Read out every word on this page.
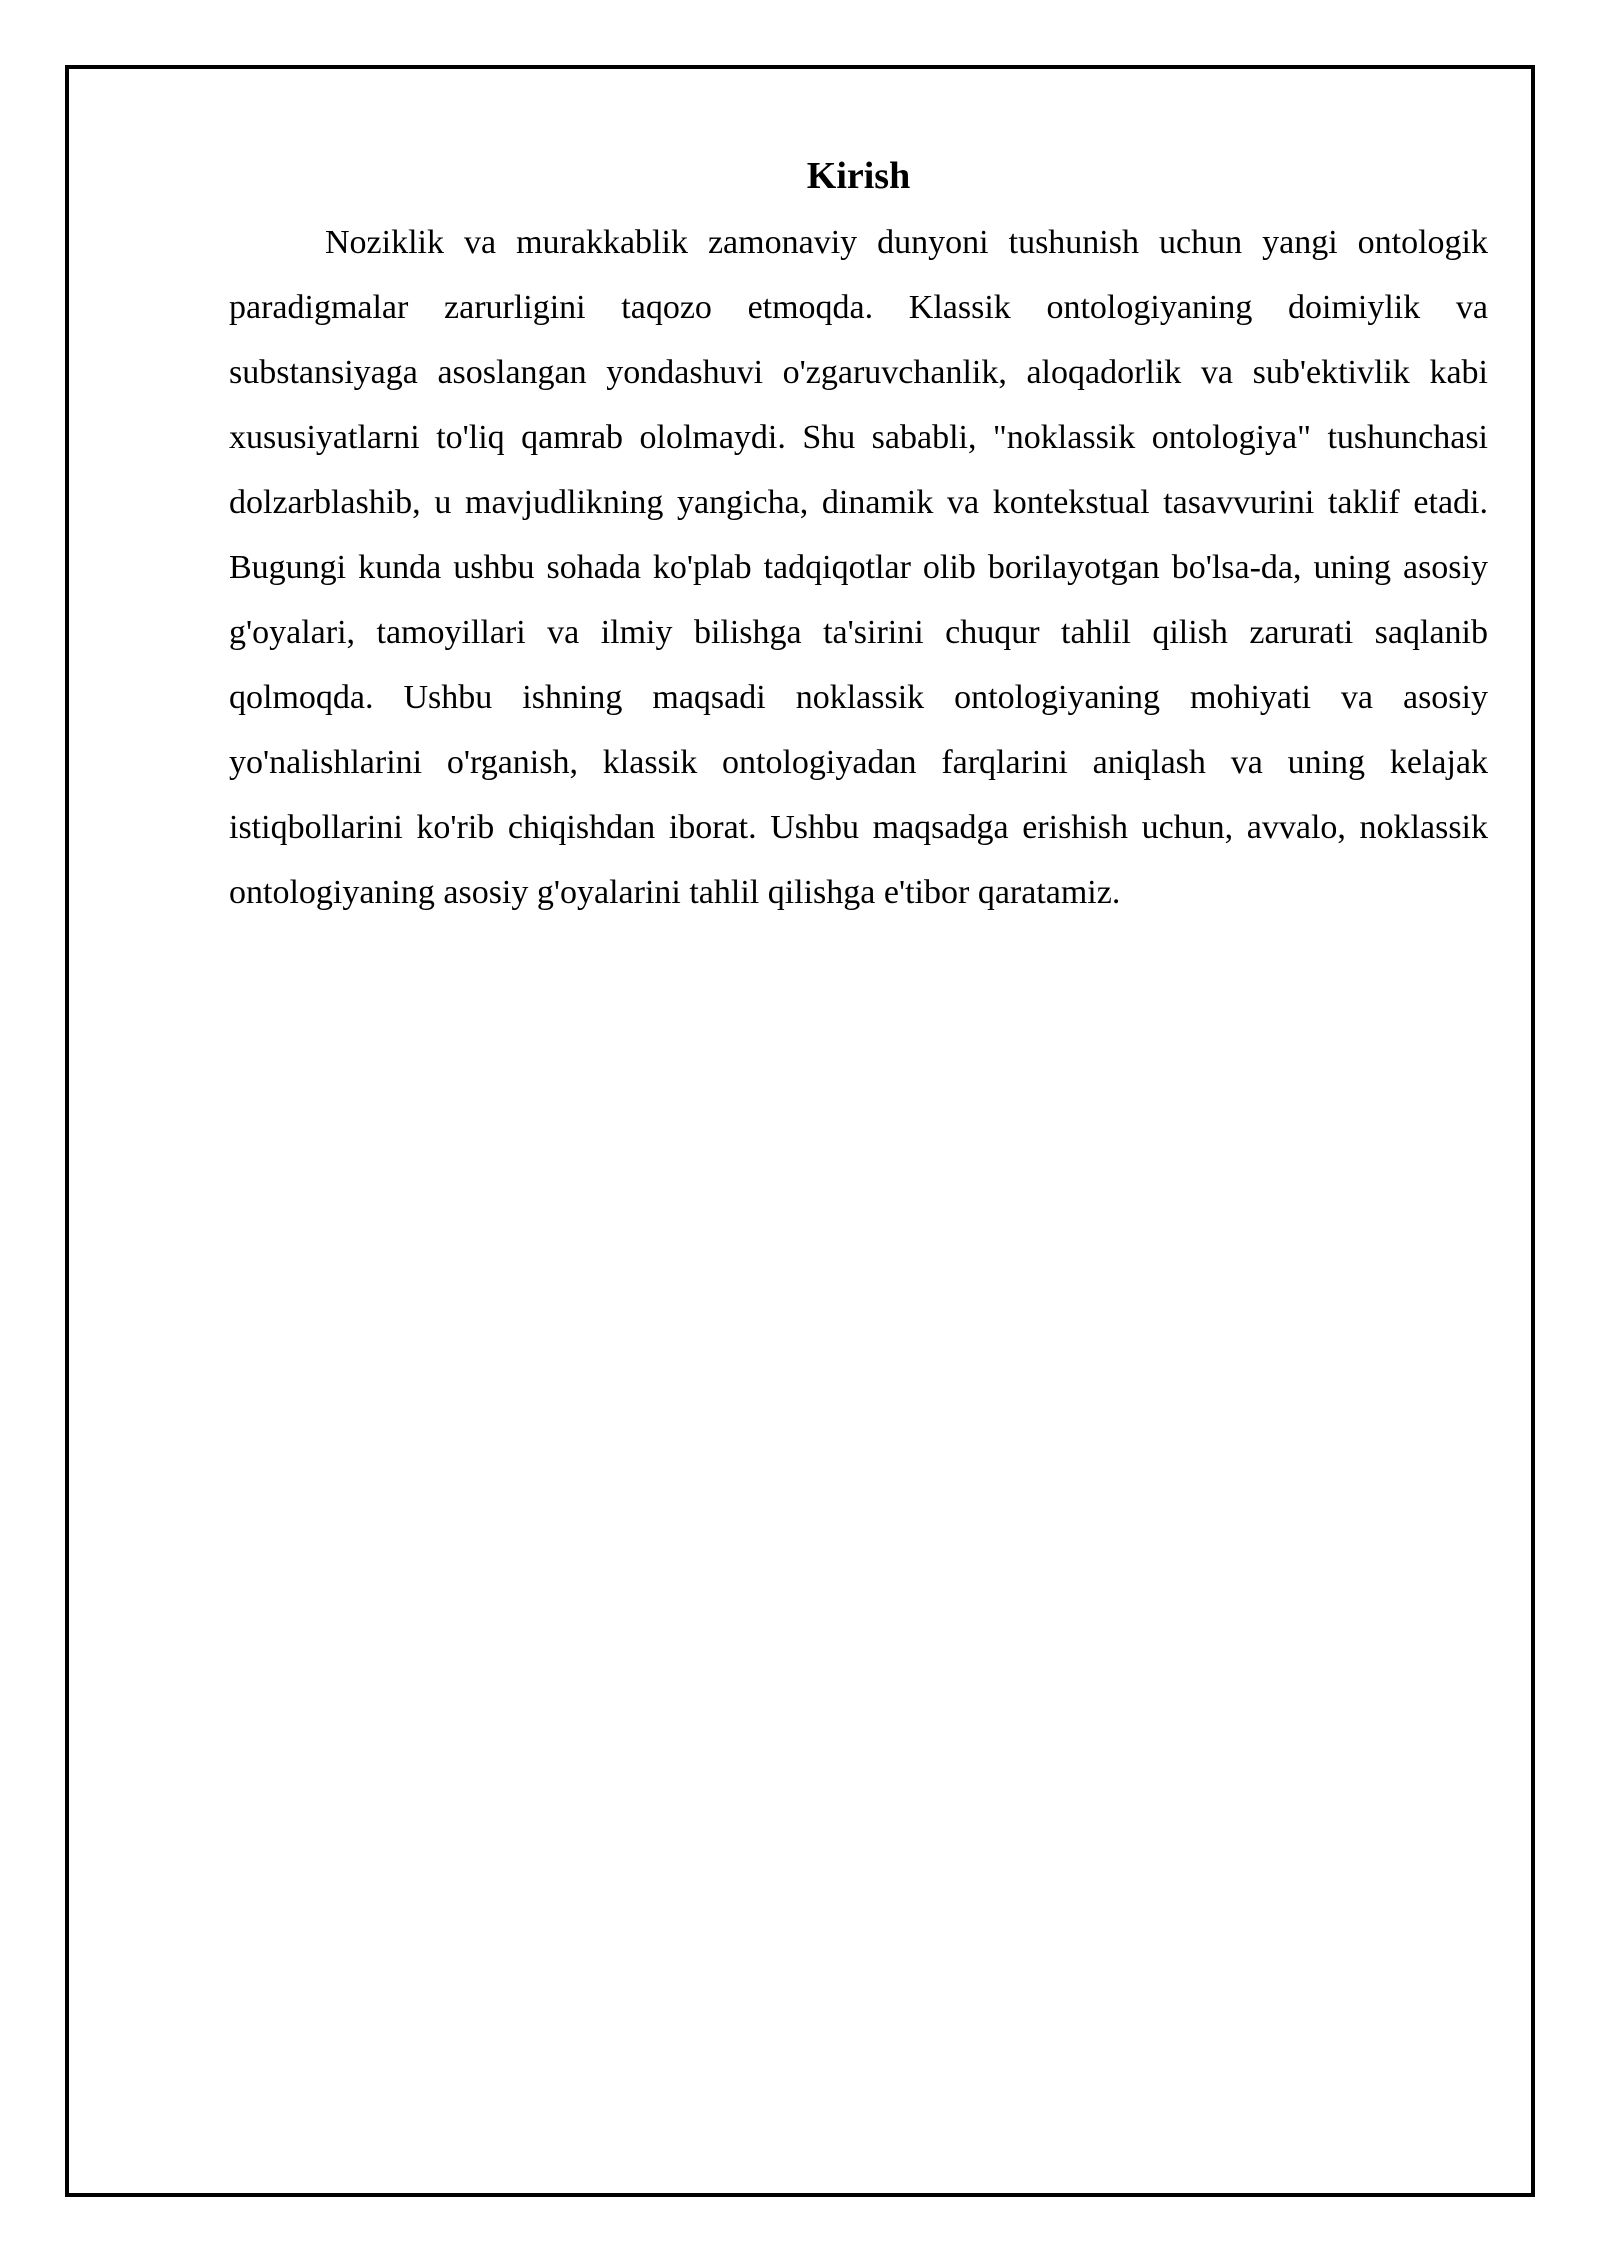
Kirish

Noziklik va murakkablik zamonaviy dunyoni tushunish uchun yangi ontologik paradigmalar zarurligini taqozo etmoqda. Klassik ontologiyaning doimiylik va substansiyaga asoslangan yondashuvi o'zgaruvchanlik, aloqadorlik va sub'ektivlik kabi xususiyatlarni to'liq qamrab ololmaydi. Shu sababli, "noklassik ontologiya" tushunchasi dolzarblashib, u mavjudlikning yangicha, dinamik va kontekstual tasavvurini taklif etadi. Bugungi kunda ushbu sohada ko'plab tadqiqotlar olib borilayotgan bo'lsa-da, uning asosiy g'oyalari, tamoyillari va ilmiy bilishga ta'sirini chuqur tahlil qilish zarurati saqlanib qolmoqda. Ushbu ishning maqsadi noklassik ontologiyaning mohiyati va asosiy yo'nalishlarini o'rganish, klassik ontologiyadan farqlarini aniqlash va uning kelajak istiqbollarini ko'rib chiqishdan iborat. Ushbu maqsadga erishish uchun, avvalo, noklassik ontologiyaning asosiy g'oyalarini tahlil qilishga e'tibor qaratamiz.
